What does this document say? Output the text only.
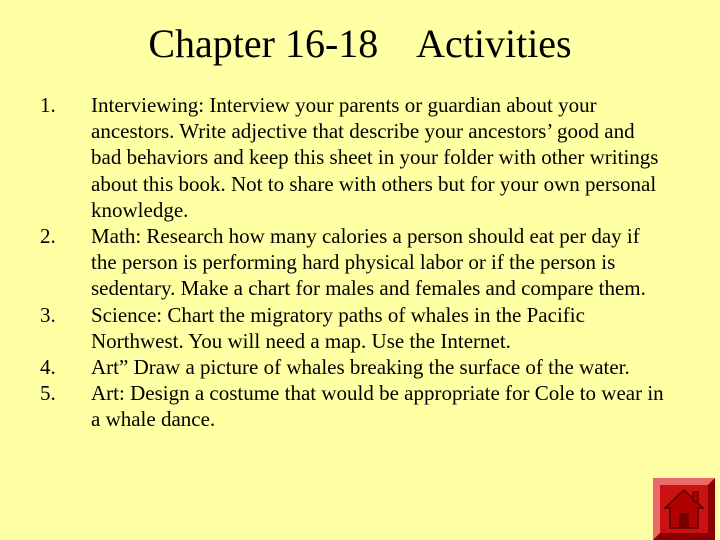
Chapter 16-18    Activities
1.	Interviewing: Interview your parents or guardian about your ancestors. Write adjective that describe your ancestors’ good and bad behaviors and keep this sheet in your folder with other writings about this book. Not to share with others but for your own personal knowledge.
2.	Math: Research how many calories a person should eat per day if the person is performing hard physical labor or if the person is sedentary. Make a chart for males and females and compare them.
3.	Science: Chart the migratory paths of whales in the Pacific Northwest. You will need a map. Use the Internet.
4.	Art” Draw a picture of whales breaking the surface of the water.
5.	Art: Design a costume that would be appropriate for Cole to wear in a whale dance.
